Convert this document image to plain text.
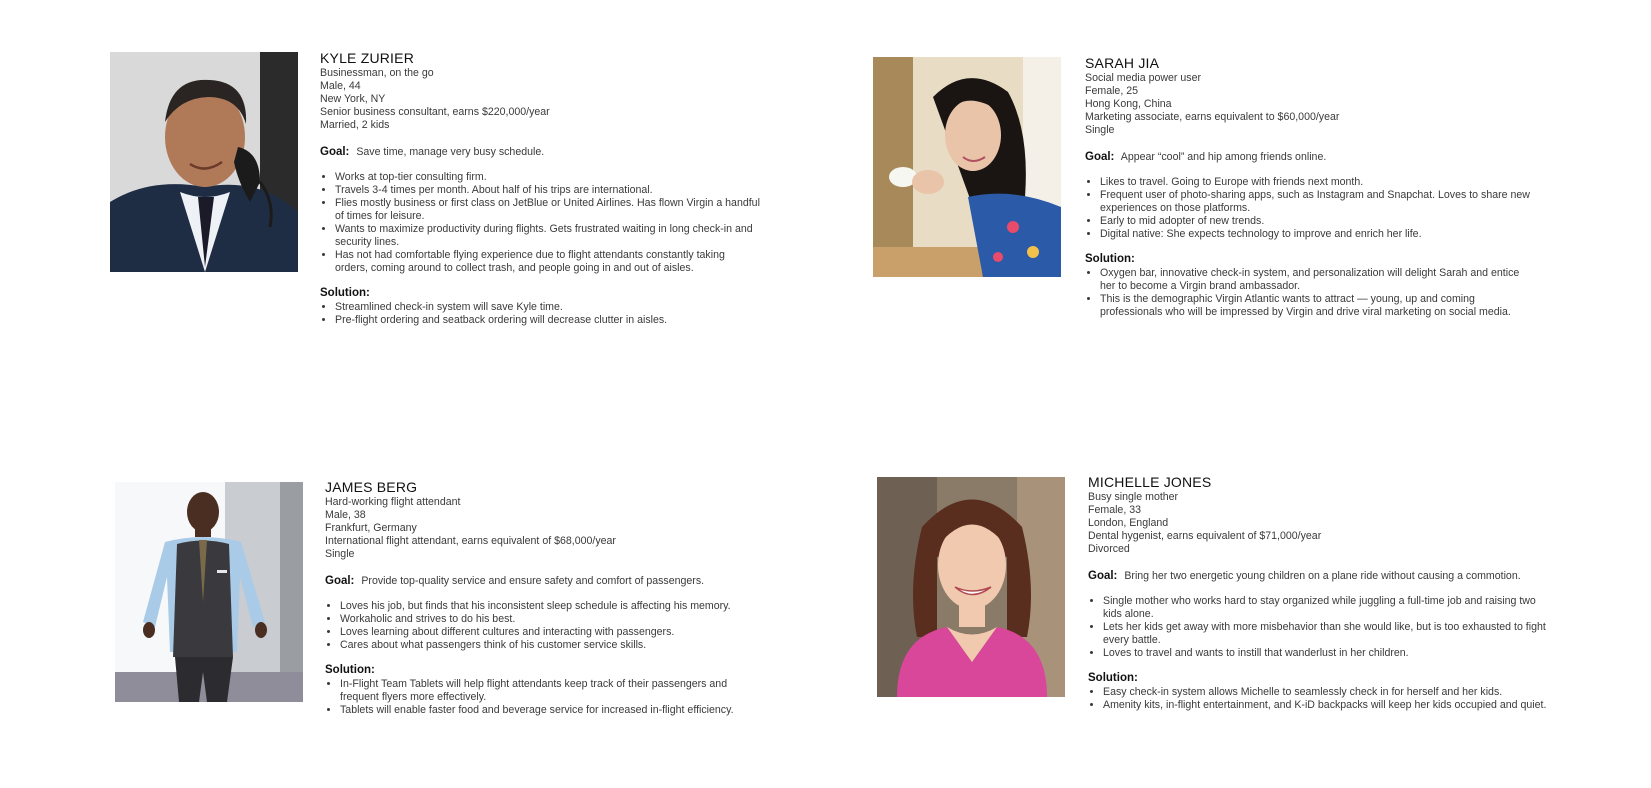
KYLE ZURIER
Businessman, on the go
Male, 44
New York, NY
Senior business consultant, earns $220,000/year
Married, 2 kids
Goal: Save time, manage very busy schedule.
• Works at top-tier consulting firm.
• Travels 3-4 times per month. About half of his trips are international.
• Flies mostly business or first class on JetBlue or United Airlines. Has flown Virgin a handful of times for leisure.
• Wants to maximize productivity during flights. Gets frustrated waiting in long check-in and security lines.
• Has not had comfortable flying experience due to flight attendants constantly taking orders, coming around to collect trash, and people going in and out of aisles.
Solution:
• Streamlined check-in system will save Kyle time.
• Pre-flight ordering and seatback ordering will decrease clutter in aisles.
SARAH JIA
Social media power user
Female, 25
Hong Kong, China
Marketing associate, earns equivalent to $60,000/year
Single
Goal: Appear “cool” and hip among friends online.
• Likes to travel. Going to Europe with friends next month.
• Frequent user of photo-sharing apps, such as Instagram and Snapchat. Loves to share new experiences on those platforms.
• Early to mid adopter of new trends.
• Digital native: She expects technology to improve and enrich her life.
Solution:
• Oxygen bar, innovative check-in system, and personalization will delight Sarah and entice her to become a Virgin brand ambassador.
• This is the demographic Virgin Atlantic wants to attract — young, up and coming professionals who will be impressed by Virgin and drive viral marketing on social media.
JAMES BERG
Hard-working flight attendant
Male, 38
Frankfurt, Germany
International flight attendant, earns equivalent of $68,000/year
Single
Goal: Provide top-quality service and ensure safety and comfort of passengers.
• Loves his job, but finds that his inconsistent sleep schedule is affecting his memory.
• Workaholic and strives to do his best.
• Loves learning about different cultures and interacting with passengers.
• Cares about what passengers think of his customer service skills.
Solution:
• In-Flight Team Tablets will help flight attendants keep track of their passengers and frequent flyers more effectively.
• Tablets will enable faster food and beverage service for increased in-flight efficiency.
MICHELLE JONES
Busy single mother
Female, 33
London, England
Dental hygenist, earns equivalent of $71,000/year
Divorced
Goal: Bring her two energetic young children on a plane ride without causing a commotion.
• Single mother who works hard to stay organized while juggling a full-time job and raising two kids alone.
• Lets her kids get away with more misbehavior than she would like, but is too exhausted to fight every battle.
• Loves to travel and wants to instill that wanderlust in her children.
Solution:
• Easy check-in system allows Michelle to seamlessly check in for herself and her kids.
• Amenity kits, in-flight entertainment, and K-iD backpacks will keep her kids occupied and quiet.
